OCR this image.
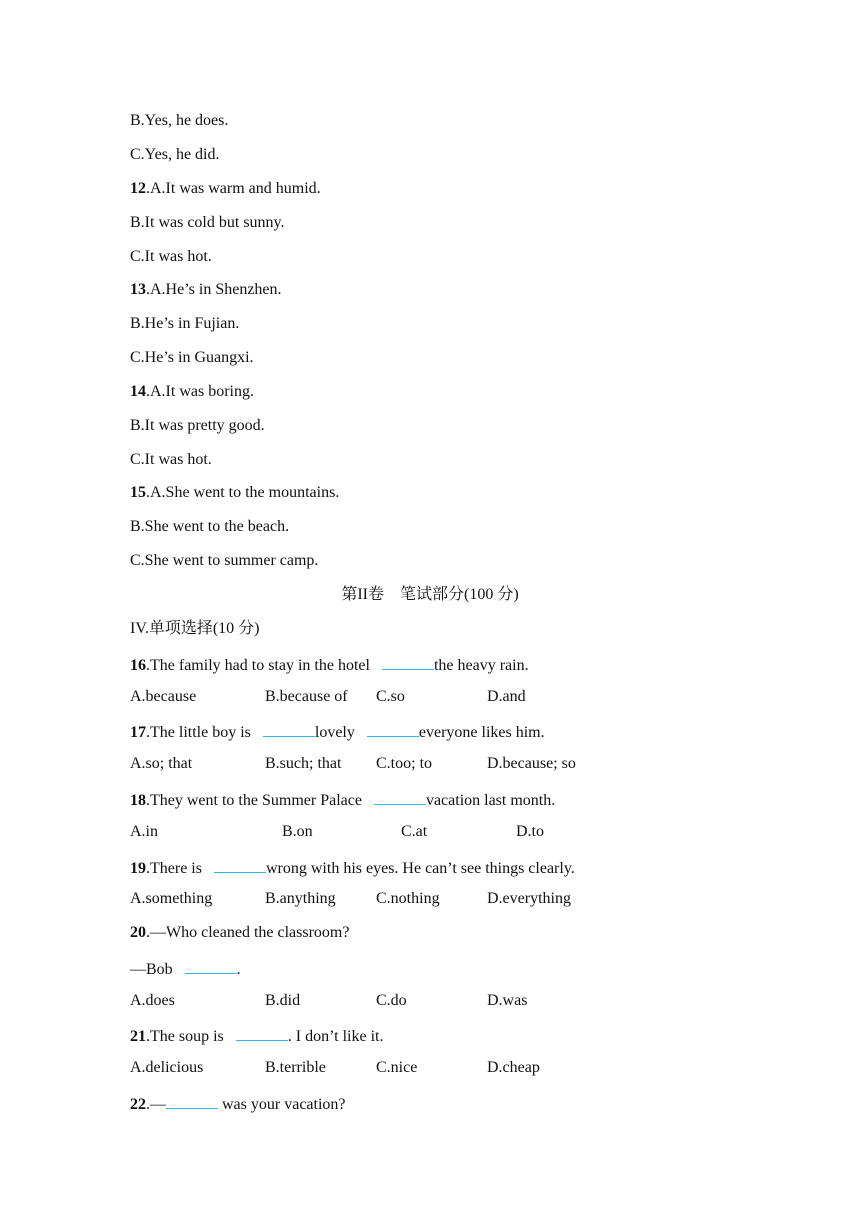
B.Yes, he does.
C.Yes, he did.
12.A.It was warm and humid.
B.It was cold but sunny.
C.It was hot.
13.A.He’s in Shenzhen.
B.He’s in Fujian.
C.He’s in Guangxi.
14.A.It was boring.
B.It was pretty good.
C.It was hot.
15.A.She went to the mountains.
B.She went to the beach.
C.She went to summer camp.
第II卷　笔试部分(100 分)
IV.单项选择(10 分)
16.The family had to stay in the hotel	the heavy rain.
A.because	B.because of C.so	D.and
17.The little boy is	lovely	everyone likes him.
A.so; that	B.such; that C.too; to	D.because; so
18.They went to the Summer Palace	vacation last month.
A.in	B.on	C.at	D.to
19.There is	wrong with his eyes. He can’t see things clearly.
A.something	B.anything	C.nothing	D.everything
20.—Who cleaned the classroom?
—Bob	.
A.does	B.did	C.do	D.was
21.The soup is	. I don’t like it.
A.delicious	B.terrible	C.nice	D.cheap
22.—	was your vacation?
